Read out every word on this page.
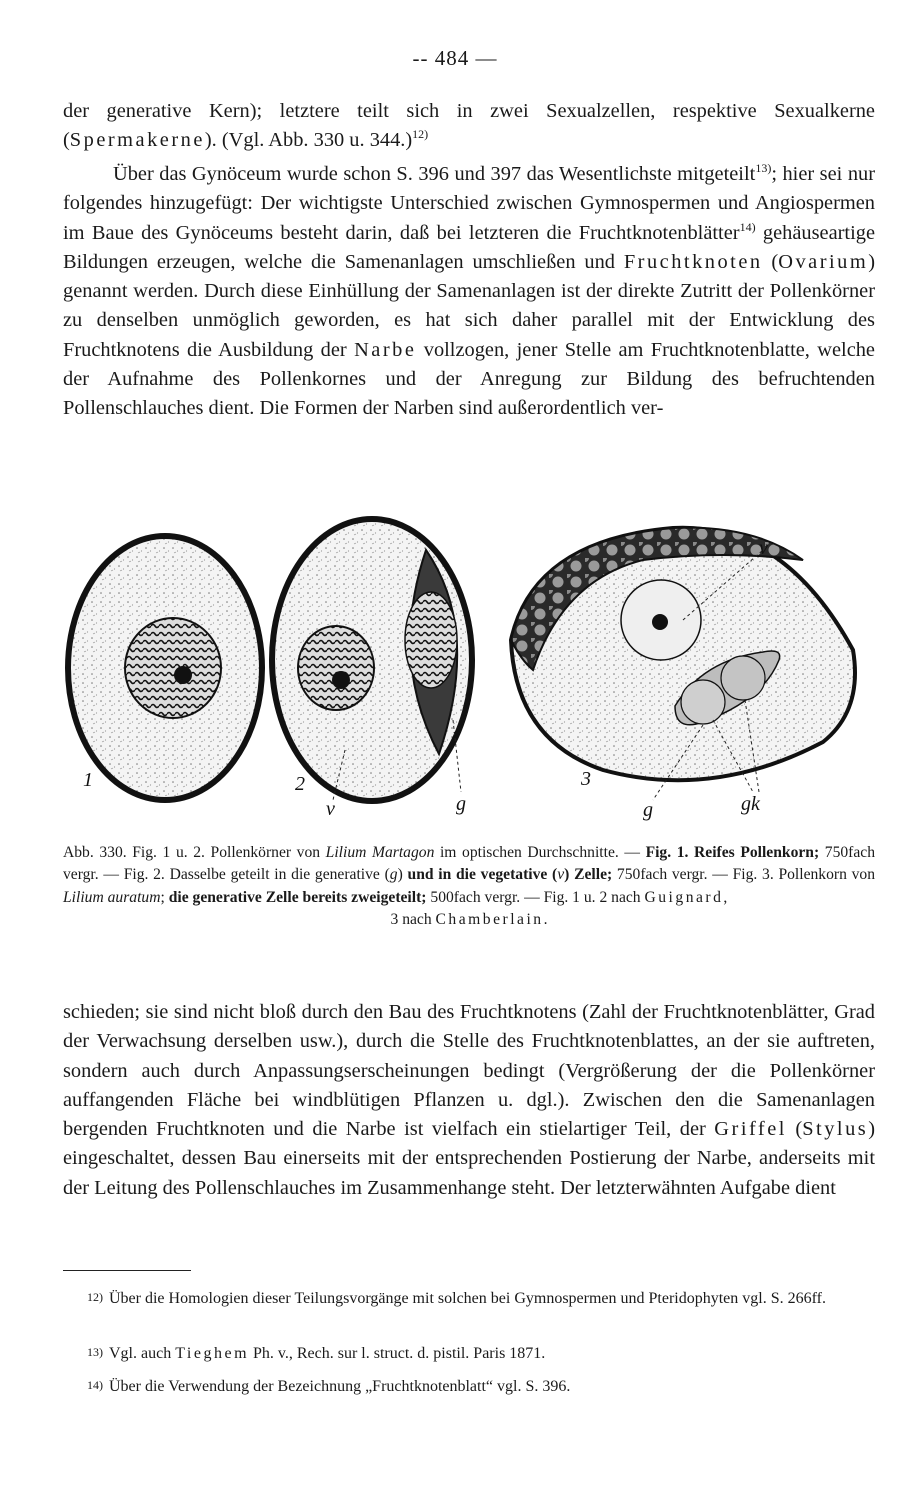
-- 484 —

der generative Kern); letztere teilt sich in zwei Sexualzellen, respektive Sexualkerne (Spermakerne). (Vgl. Abb. 330 u. 344.)$^{12)}$

Über das Gynöceum wurde schon S. 396 und 397 das Wesentlichste mitgeteilt$^{13)}$; hier sei nur folgendes hinzugefügt: Der wichtigste Unterschied zwischen Gymnospermen und Angiospermen im Baue des Gynöceums besteht darin, daß bei letzteren die Fruchtknotenblätter$^{14)}$ gehäuseartige Bildungen erzeugen, welche die Samenanlagen umschließen und Fruchtknoten (Ovarium) genannt werden. Durch diese Einhüllung der Samenanlagen ist der direkte Zutritt der Pollenkörner zu denselben unmöglich geworden, es hat sich daher parallel mit der Entwicklung des Fruchtknotens die Ausbildung der Narbe vollzogen, jener Stelle am Fruchtknotenblatte, welche der Aufnahme des Pollenkornes und der Anregung zur Bildung des befruchtenden Pollenschlauches dient. Die Formen der Narben sind außerordentlich ver-

1	2
v	g
3
v
g	gk

Abb. 330. Fig. 1 u. 2. Pollenkörner von Lilium Martagon im optischen Durchschnitte. — Fig. 1. Reifes Pollenkorn; 750fach vergr. — Fig. 2. Dasselbe geteilt in die generative (g) und in die vegetative (v) Zelle; 750fach vergr. — Fig. 3. Pollenkorn von Lilium auratum; die generative Zelle bereits zweigeteilt; 500fach vergr. — Fig. 1 u. 2 nach Guignard,
3 nach Chamberlain.

schieden; sie sind nicht bloß durch den Bau des Fruchtknotens (Zahl der Fruchtknotenblätter, Grad der Verwachsung derselben usw.), durch die Stelle des Fruchtknotenblattes, an der sie auftreten, sondern auch durch Anpassungserscheinungen bedingt (Vergrößerung der die Pollenkörner auffangenden Fläche bei windblütigen Pflanzen u. dgl.). Zwischen den die Samenanlagen bergenden Fruchtknoten und die Narbe ist vielfach ein stielartiger Teil, der Griffel (Stylus) eingeschaltet, dessen Bau einerseits mit der entsprechenden Postierung der Narbe, anderseits mit der Leitung des Pollenschlauches im Zusammenhange steht. Der letzterwähnten Aufgabe dient

12) Über die Homologien dieser Teilungsvorgänge mit solchen bei Gymnospermen und Pteridophyten vgl. S. 266ff.

13) Vgl. auch Tieghem Ph. v., Rech. sur l. struct. d. pistil. Paris 1871.

14) Über die Verwendung der Bezeichnung „Fruchtknotenblatt“ vgl. S. 396.
